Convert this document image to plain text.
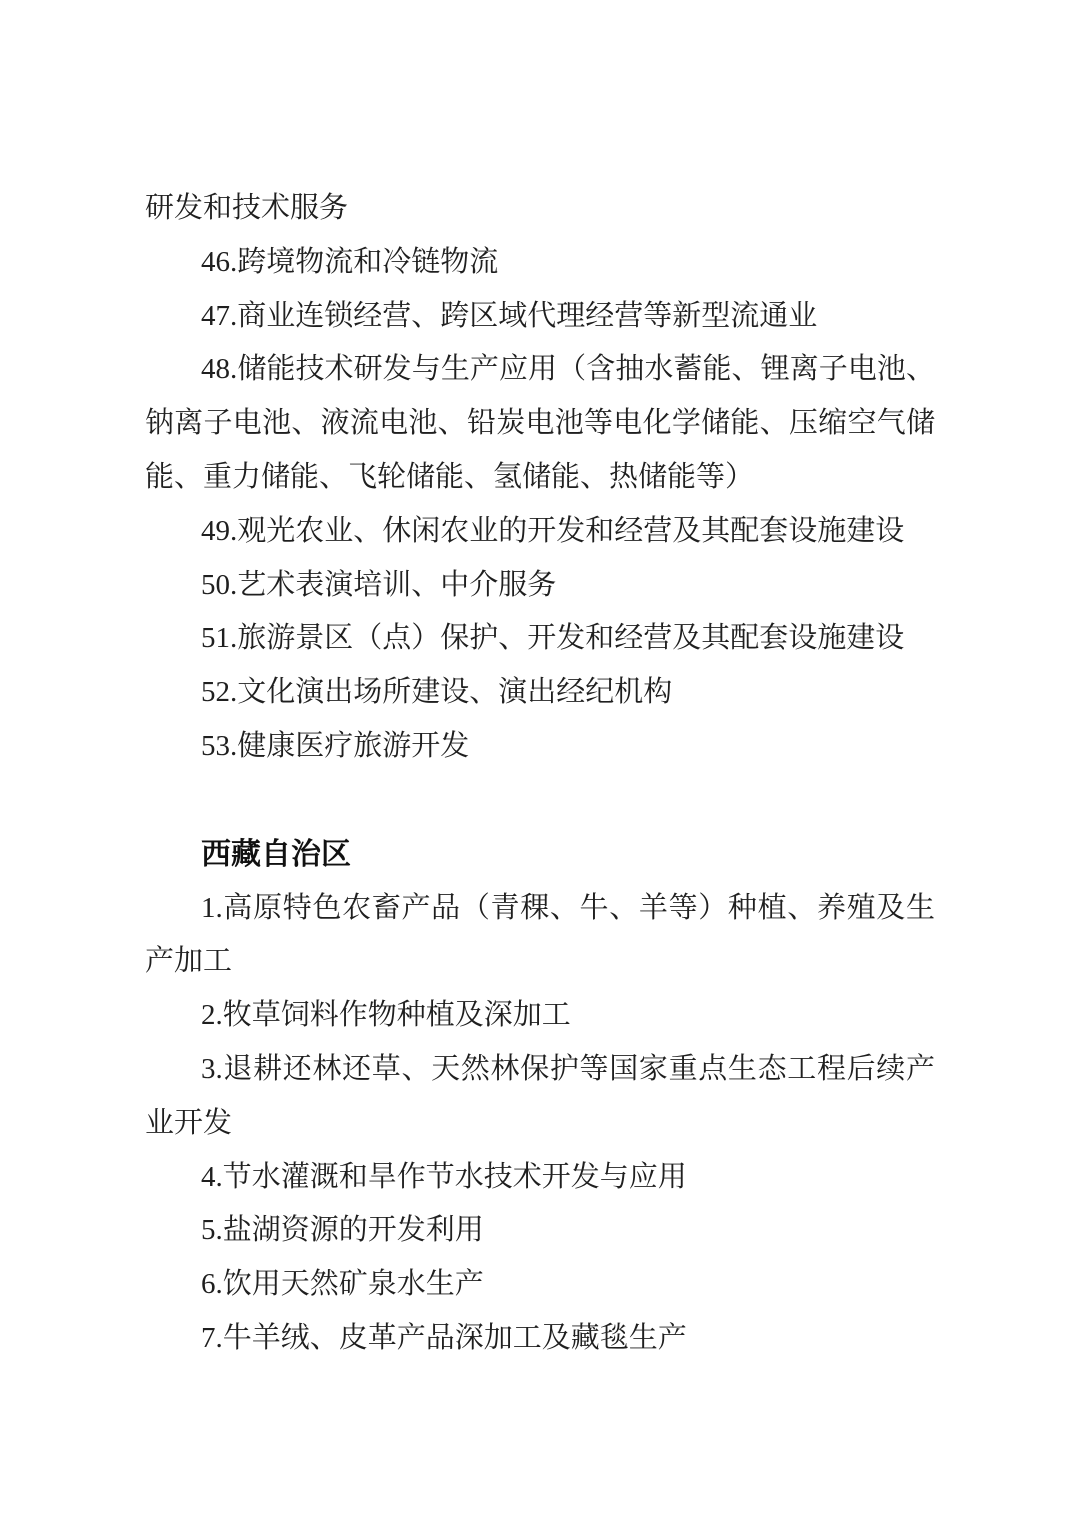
研发和技术服务

46.跨境物流和冷链物流

47.商业连锁经营、跨区域代理经营等新型流通业

48.储能技术研发与生产应用（含抽水蓄能、锂离子电池、钠离子电池、液流电池、铅炭电池等电化学储能、压缩空气储能、重力储能、飞轮储能、氢储能、热储能等）

49.观光农业、休闲农业的开发和经营及其配套设施建设

50.艺术表演培训、中介服务

51.旅游景区（点）保护、开发和经营及其配套设施建设

52.文化演出场所建设、演出经纪机构

53.健康医疗旅游开发

西藏自治区

1.高原特色农畜产品（青稞、牛、羊等）种植、养殖及生产加工

2.牧草饲料作物种植及深加工

3.退耕还林还草、天然林保护等国家重点生态工程后续产业开发

4.节水灌溉和旱作节水技术开发与应用

5.盐湖资源的开发利用

6.饮用天然矿泉水生产

7.牛羊绒、皮革产品深加工及藏毯生产
